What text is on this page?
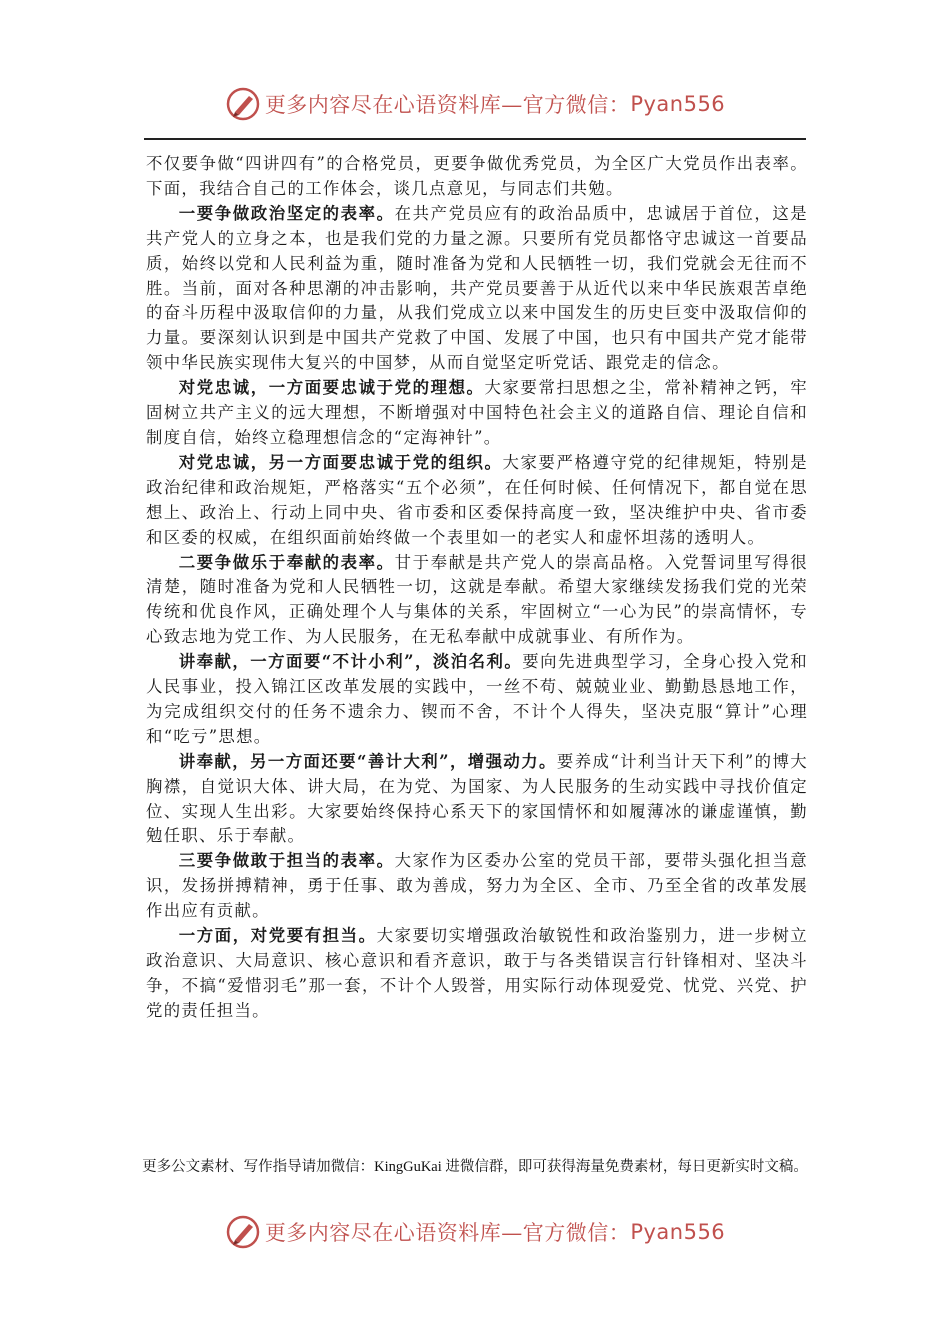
更多内容尽在心语资料库—官方微信： Pyan556

不仅要争做“四讲四有”的合格党员，更要争做优秀党员，为全区广大党员作出表率。下面，我结合自己的工作体会，谈几点意见，与同志们共勉。

一要争做政治坚定的表率。在共产党员应有的政治品质中，忠诚居于首位，这是共产党人的立身之本，也是我们党的力量之源。只要所有党员都恪守忠诚这一首要品质，始终以党和人民利益为重，随时准备为党和人民牺牲一切，我们党就会无往而不胜。当前，面对各种思潮的冲击影响，共产党员要善于从近代以来中华民族艰苦卓绝的奋斗历程中汲取信仰的力量，从我们党成立以来中国发生的历史巨变中汲取信仰的力量。要深刻认识到是中国共产党救了中国、发展了中国，也只有中国共产党才能带领中华民族实现伟大复兴的中国梦，从而自觉坚定听党话、跟党走的信念。

对党忠诚，一方面要忠诚于党的理想。大家要常扫思想之尘，常补精神之钙，牢固树立共产主义的远大理想，不断增强对中国特色社会主义的道路自信、理论自信和制度自信，始终立稳理想信念的“定海神针”。

对党忠诚，另一方面要忠诚于党的组织。大家要严格遵守党的纪律规矩，特别是政治纪律和政治规矩，严格落实“五个必须”，在任何时候、任何情况下，都自觉在思想上、政治上、行动上同中央、省市委和区委保持高度一致，坚决维护中央、省市委和区委的权威，在组织面前始终做一个表里如一的老实人和虚怀坦荡的透明人。

二要争做乐于奉献的表率。甘于奉献是共产党人的崇高品格。入党誓词里写得很清楚，随时准备为党和人民牺牲一切，这就是奉献。希望大家继续发扬我们党的光荣传统和优良作风，正确处理个人与集体的关系，牢固树立“一心为民”的崇高情怀，专心致志地为党工作、为人民服务，在无私奉献中成就事业、有所作为。

讲奉献，一方面要“不计小利”，淡泊名利。要向先进典型学习，全身心投入党和人民事业，投入锦江区改革发展的实践中，一丝不苟、兢兢业业、勤勤恳恳地工作，为完成组织交付的任务不遗余力、锲而不舍，不计个人得失，坚决克服“算计”心理和“吃亏”思想。

讲奉献，另一方面还要“善计大利”，增强动力。要养成“计利当计天下利”的博大胸襟，自觉识大体、讲大局，在为党、为国家、为人民服务的生动实践中寻找价值定位、实现人生出彩。大家要始终保持心系天下的家国情怀和如履薄冰的谦虚谨慎，勤勉任职、乐于奉献。

三要争做敢于担当的表率。大家作为区委办公室的党员干部，要带头强化担当意识，发扬拼搏精神，勇于任事、敢为善成，努力为全区、全市、乃至全省的改革发展作出应有贡献。

一方面，对党要有担当。大家要切实增强政治敏锐性和政治鉴别力，进一步树立政治意识、大局意识、核心意识和看齐意识，敢于与各类错误言行针锋相对、坚决斗争，不搞“爱惜羽毛”那一套，不计个人毁誉，用实际行动体现爱党、忧党、兴党、护党的责任担当。

更多公文素材、写作指导请加微信：KingGuKai 进微信群，即可获得海量免费素材，每日更新实时文稿。
更多内容尽在心语资料库—官方微信： Pyan556
